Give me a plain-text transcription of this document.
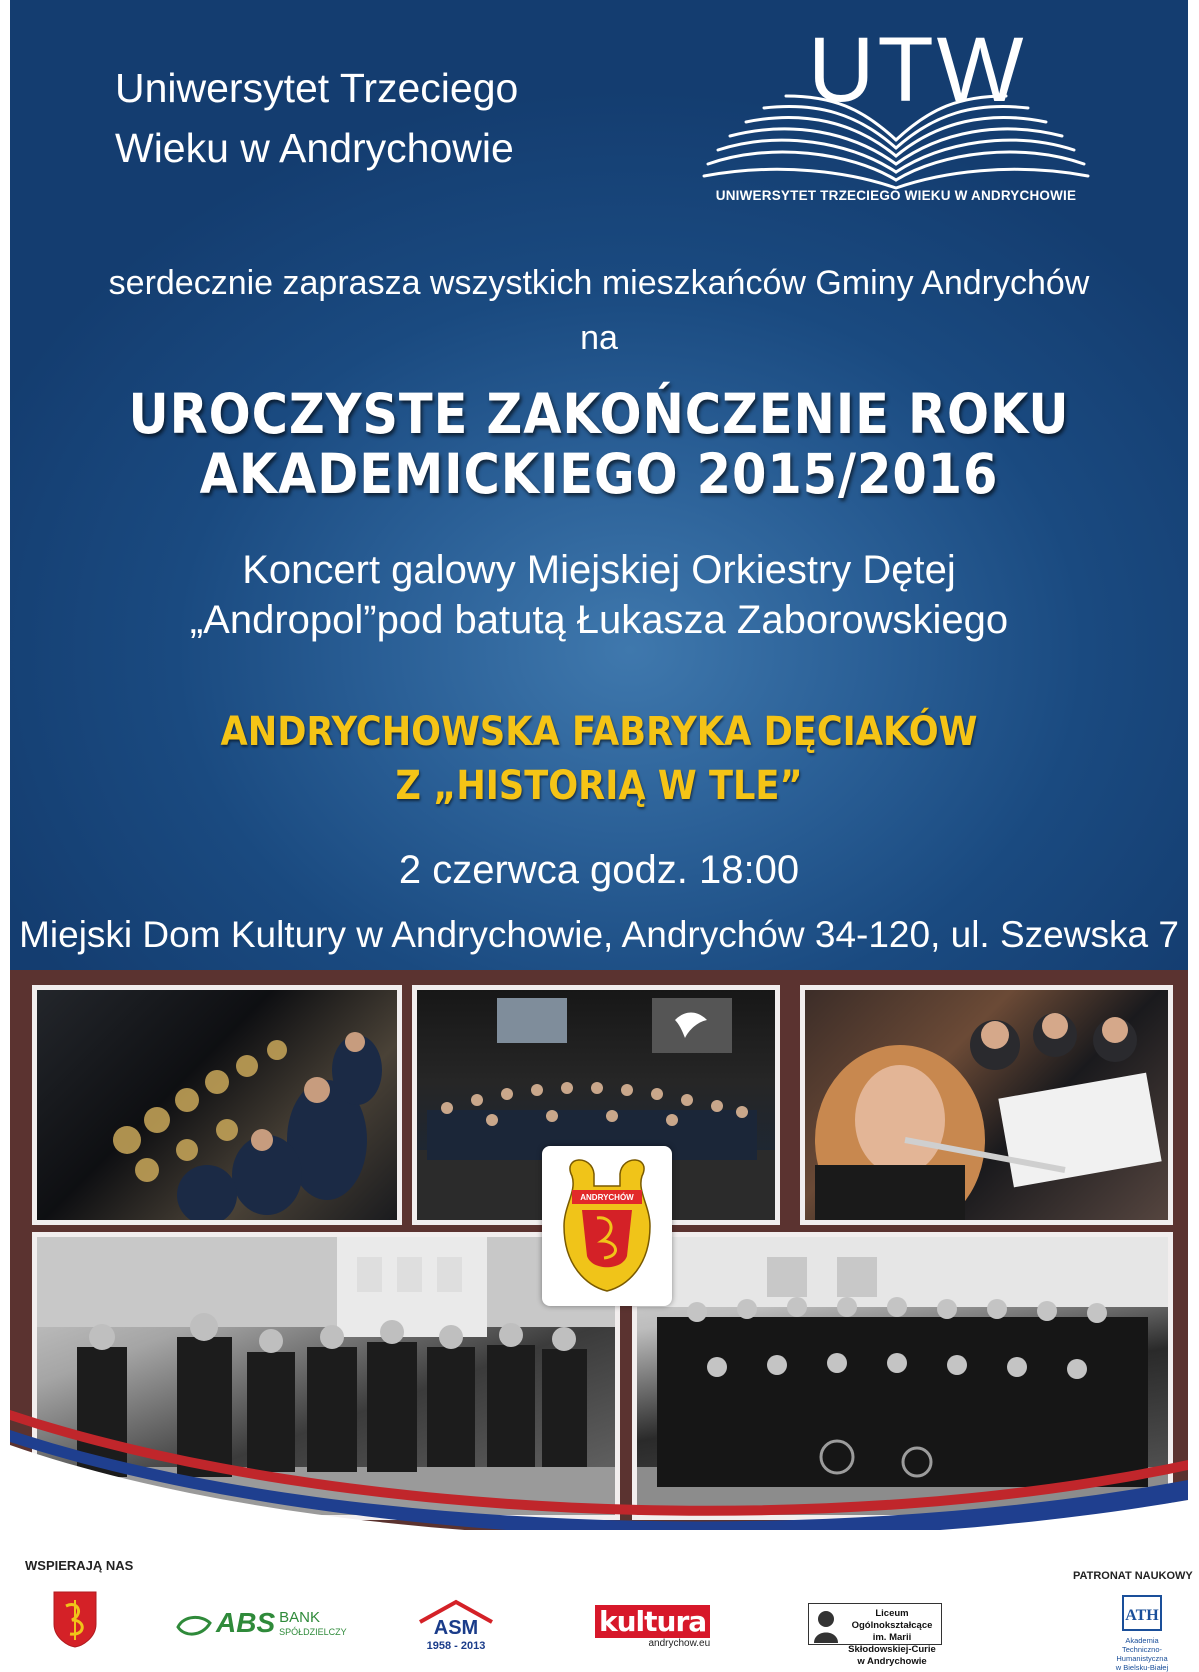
Uniwersytet Trzeciego
Wieku w Andrychowie
UTW
UNIWERSYTET TRZECIEGO WIEKU W ANDRYCHOWIE
serdecznie zaprasza wszystkich mieszkańców Gminy Andrychów
na
UROCZYSTE ZAKOŃCZENIE ROKU
AKADEMICKIEGO 2015/2016
Koncert galowy Miejskiej Orkiestry Dętej
„Andropol”pod batutą Łukasza Zaborowskiego
ANDRYCHOWSKA FABRYKA DĘCIAKÓW
Z „HISTORIĄ W TLE”
2 czerwca godz. 18:00
Miejski Dom Kultury w Andrychowie, Andrychów 34-120, ul. Szewska 7
ANDRYCHÓW
WSPIERAJĄ NAS
PATRONAT NAUKOWY
ABS BANK
SPÓŁDZIELCZY	ASM
1958 - 2013
kultura
andrychow.eu
Liceum Ogólnokształcące
im. Marii Skłodowskiej-Curie
w Andrychowie
ATH
Akademia
Techniczno-Humanistyczna
w Bielsku-Białej
